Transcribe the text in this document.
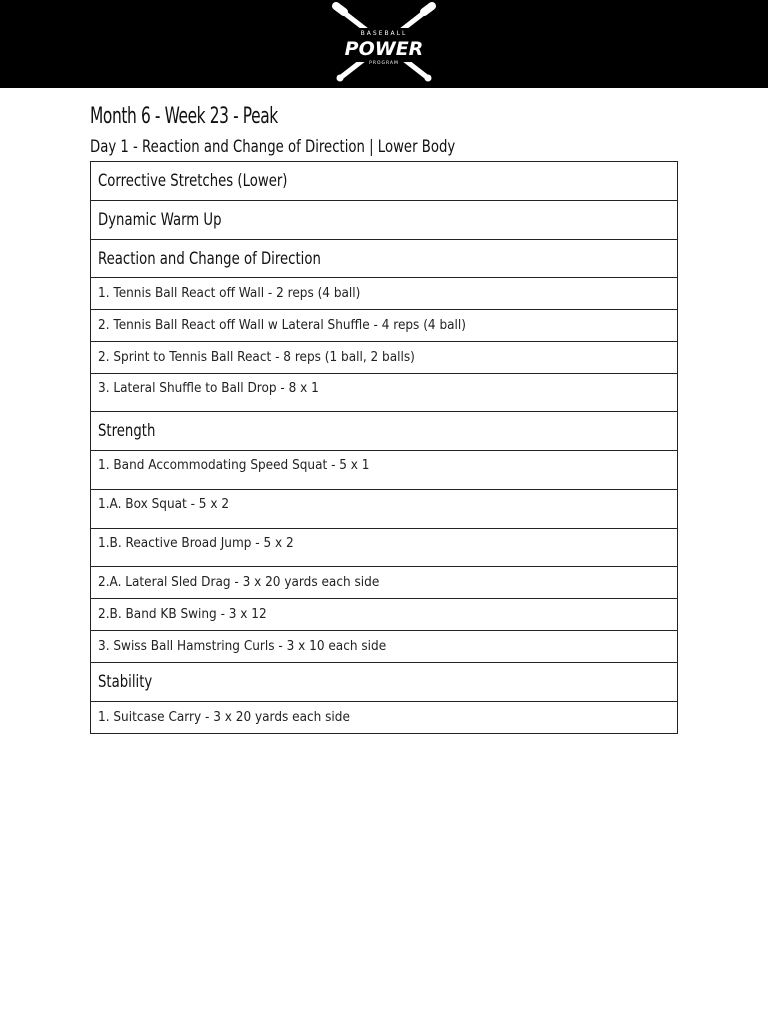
BASEBALL
POWER
PROGRAM
Month 6 - Week 23 - Peak
Day 1 - Reaction and Change of Direction | Lower Body
Corrective Stretches (Lower)
Dynamic Warm Up
Reaction and Change of Direction
1. Tennis Ball React off Wall - 2 reps (4 ball)
2. Tennis Ball React off Wall w Lateral Shuffle - 4 reps (4 ball)
2. Sprint to Tennis Ball React - 8 reps (1 ball, 2 balls)
3. Lateral Shuffle to Ball Drop - 8 x 1
Strength
1. Band Accommodating Speed Squat - 5 x 1
1.A. Box Squat - 5 x 2
1.B. Reactive Broad Jump - 5 x 2
2.A. Lateral Sled Drag - 3 x 20 yards each side
2.B. Band KB Swing - 3 x 12
3. Swiss Ball Hamstring Curls - 3 x 10 each side
Stability
1. Suitcase Carry - 3 x 20 yards each side
